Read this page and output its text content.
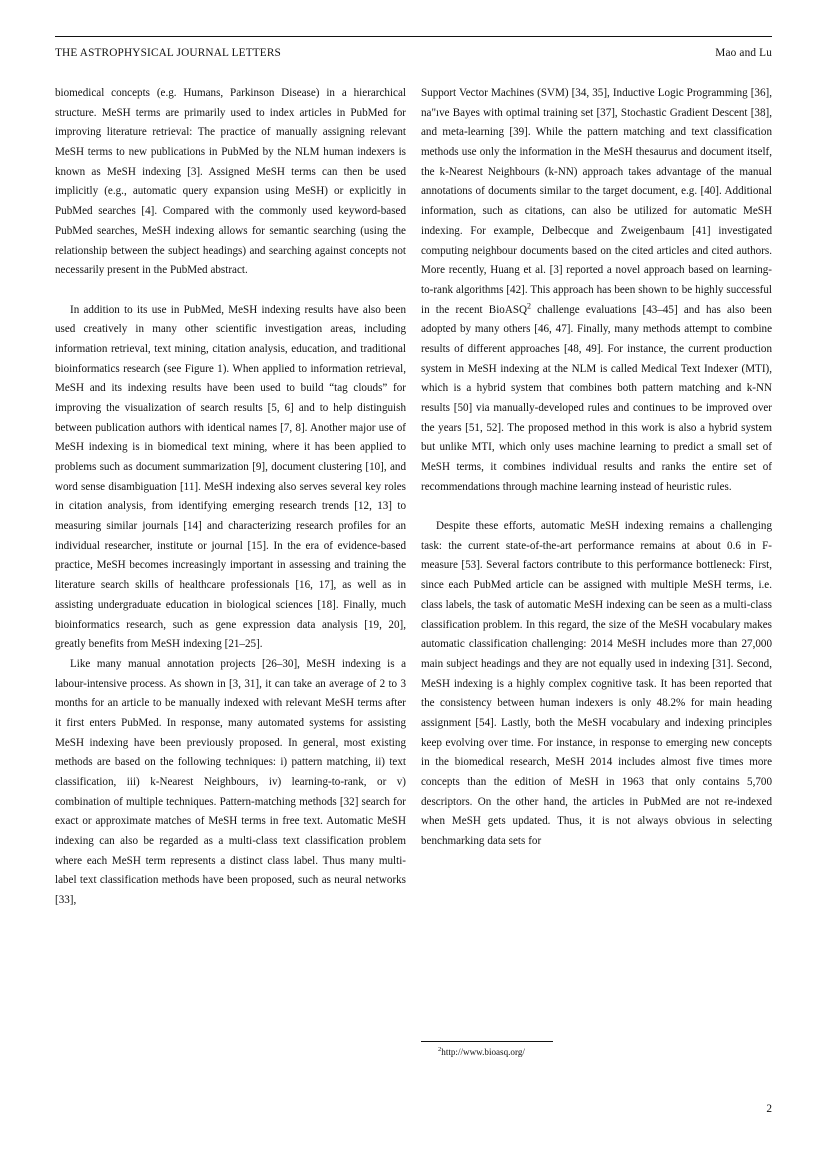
THE ASTROPHYSICAL JOURNAL LETTERS	Mao and Lu

biomedical concepts (e.g. Humans, Parkinson Disease) in a hierarchical structure. MeSH terms are primarily used to index articles in PubMed for improving literature retrieval: The practice of manually assigning relevant MeSH terms to new publications in PubMed by the NLM human indexers is known as MeSH indexing [3]. Assigned MeSH terms can then be used implicitly (e.g., automatic query expansion using MeSH) or explicitly in PubMed searches [4]. Compared with the commonly used keyword-based PubMed searches, MeSH indexing allows for semantic searching (using the relationship between the subject headings) and searching against concepts not necessarily present in the PubMed abstract.

In addition to its use in PubMed, MeSH indexing results have also been used creatively in many other scientific investigation areas, including information retrieval, text mining, citation analysis, education, and traditional bioinformatics research (see Figure 1). When applied to information retrieval, MeSH and its indexing results have been used to build “tag clouds” for improving the visualization of search results [5, 6] and to help distinguish between publication authors with identical names [7, 8]. Another major use of MeSH indexing is in biomedical text mining, where it has been applied to problems such as document summarization [9], document clustering [10], and word sense disambiguation [11]. MeSH indexing also serves several key roles in citation analysis, from identifying emerging research trends [12, 13] to measuring similar journals [14] and characterizing research profiles for an individual researcher, institute or journal [15]. In the era of evidence-based practice, MeSH becomes increasingly important in assessing and training the literature search skills of healthcare professionals [16, 17], as well as in assisting undergraduate education in biological sciences [18]. Finally, much bioinformatics research, such as gene expression data analysis [19, 20], greatly benefits from MeSH indexing [21–25].

Like many manual annotation projects [26–30], MeSH indexing is a labour-intensive process. As shown in [3, 31], it can take an average of 2 to 3 months for an article to be manually indexed with relevant MeSH terms after it first enters PubMed. In response, many automated systems for assisting MeSH indexing have been previously proposed. In general, most existing methods are based on the following techniques: i) pattern matching, ii) text classification, iii) k-Nearest Neighbours, iv) learning-to-rank, or v) combination of multiple techniques. Pattern-matching methods [32] search for exact or approximate matches of MeSH terms in free text. Automatic MeSH indexing can also be regarded as a multi-class text classification problem where each MeSH term represents a distinct class label. Thus many multi-label text classification methods have been proposed, such as neural networks [33],

Support Vector Machines (SVM) [34, 35], Inductive Logic Programming [36], na"ıve Bayes with optimal training set [37], Stochastic Gradient Descent [38], and meta-learning [39]. While the pattern matching and text classification methods use only the information in the MeSH thesaurus and document itself, the k-Nearest Neighbours (k-NN) approach takes advantage of the manual annotations of documents similar to the target document, e.g. [40]. Additional information, such as citations, can also be utilized for automatic MeSH indexing. For example, Delbecque and Zweigenbaum [41] investigated computing neighbour documents based on the cited articles and cited authors. More recently, Huang et al. [3] reported a novel approach based on learning-to-rank algorithms [42]. This approach has been shown to be highly successful in the recent BioASQ$^2$ challenge evaluations [43–45] and has also been adopted by many others [46, 47]. Finally, many methods attempt to combine results of different approaches [48, 49]. For instance, the current production system in MeSH indexing at the NLM is called Medical Text Indexer (MTI), which is a hybrid system that combines both pattern matching and k-NN results [50] via manually-developed rules and continues to be improved over the years [51, 52]. The proposed method in this work is also a hybrid system but unlike MTI, which only uses machine learning to predict a small set of MeSH terms, it combines individual results and ranks the entire set of recommendations through machine learning instead of heuristic rules.

Despite these efforts, automatic MeSH indexing remains a challenging task: the current state-of-the-art performance remains at about 0.6 in F-measure [53]. Several factors contribute to this performance bottleneck: First, since each PubMed article can be assigned with multiple MeSH terms, i.e. class labels, the task of automatic MeSH indexing can be seen as a multi-class classification problem. In this regard, the size of the MeSH vocabulary makes automatic classification challenging: 2014 MeSH includes more than 27,000 main subject headings and they are not equally used in indexing [31]. Second, MeSH indexing is a highly complex cognitive task. It has been reported that the consistency between human indexers is only 48.2% for main heading assignment [54]. Lastly, both the MeSH vocabulary and indexing principles keep evolving over time. For instance, in response to emerging new concepts in the biomedical research, MeSH 2014 includes almost five times more concepts than the edition of MeSH in 1963 that only contains 5,700 descriptors. On the other hand, the articles in PubMed are not re-indexed when MeSH gets updated. Thus, it is not always obvious in selecting benchmarking data sets for

$^2$http://www.bioasq.org/
2
